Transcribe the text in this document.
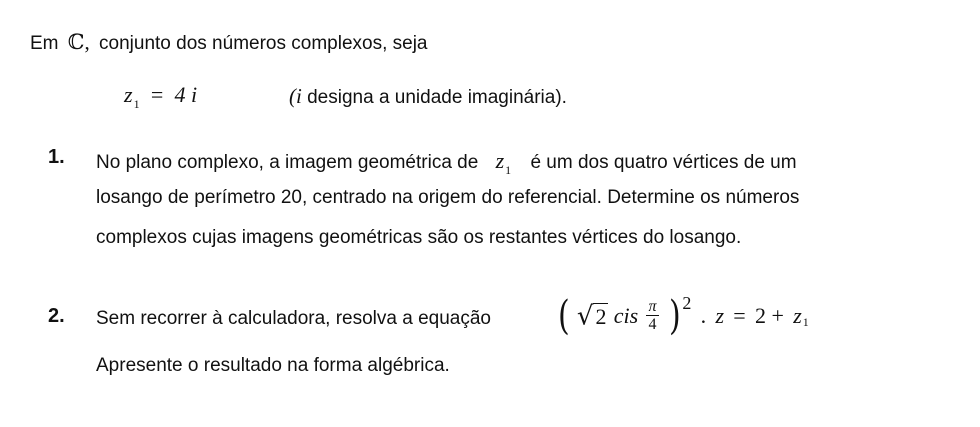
Em ℂ, conjunto dos números complexos, seja
$z_1 = 4$ i	(i designa a unidade imaginária).
1. No plano complexo, a imagem geométrica de $z_1$ é um dos quatro vértices de um
losango de perímetro 20, centrado na origem do referencial. Determine os números
complexos cujas imagens geométricas são os restantes vértices do losango.
2. Sem recorrer à calculadora, resolva a equação ( √2 cis $\frac{\pi}{4}$ ) 2 . $z = 2 + z_1$
Apresente o resultado na forma algébrica.
